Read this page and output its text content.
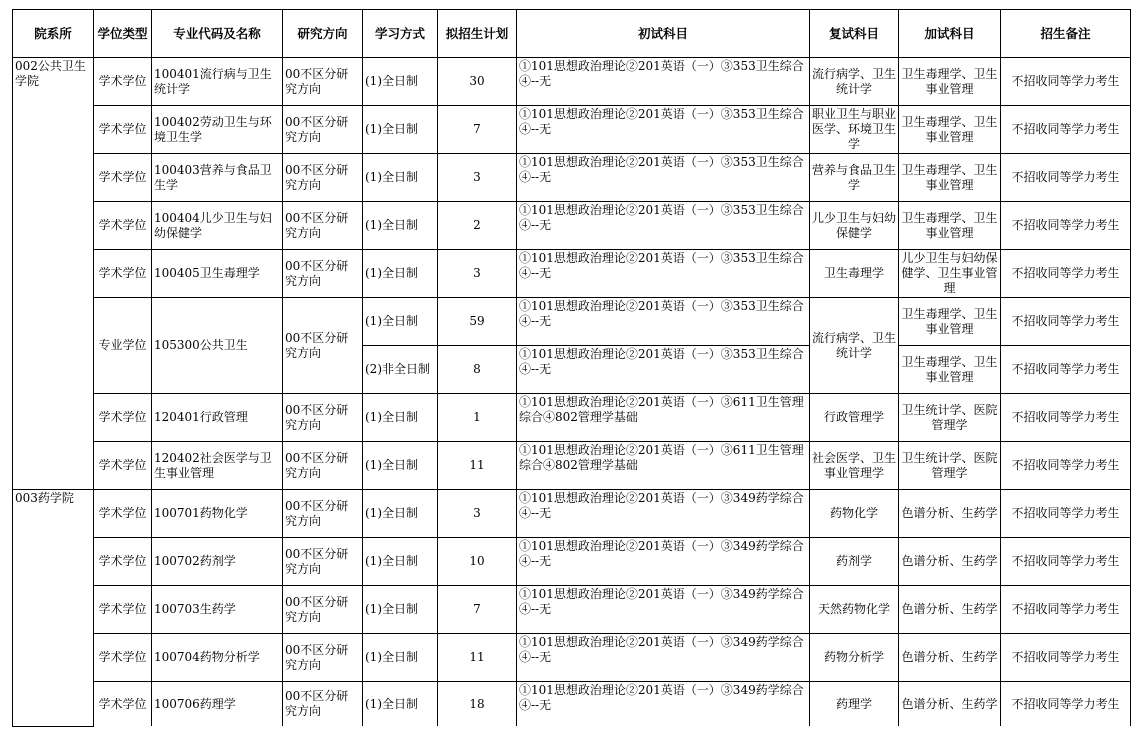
院系所	学位类型	专业代码及名称	研究方向	学习方式	拟招生计划	初试科目	复试科目	加试科目	招生备注
002公共卫生学院	学术学位	100401流行病与卫生统计学	00不区分研究方向	(1)全日制	30	①101思想政治理论②201英语（一）③353卫生综合④--无	流行病学、卫生统计学	卫生毒理学、卫生事业管理	不招收同等学力考生
	学术学位	100402劳动卫生与环境卫生学	00不区分研究方向	(1)全日制	7	①101思想政治理论②201英语（一）③353卫生综合④--无	职业卫生与职业医学、环境卫生学	卫生毒理学、卫生事业管理	不招收同等学力考生
	学术学位	100403营养与食品卫生学	00不区分研究方向	(1)全日制	3	①101思想政治理论②201英语（一）③353卫生综合④--无	营养与食品卫生学	卫生毒理学、卫生事业管理	不招收同等学力考生
	学术学位	100404儿少卫生与妇幼保健学	00不区分研究方向	(1)全日制	2	①101思想政治理论②201英语（一）③353卫生综合④--无	儿少卫生与妇幼保健学	卫生毒理学、卫生事业管理	不招收同等学力考生
	学术学位	100405卫生毒理学	00不区分研究方向	(1)全日制	3	①101思想政治理论②201英语（一）③353卫生综合④--无	卫生毒理学	儿少卫生与妇幼保健学、卫生事业管理	不招收同等学力考生
	专业学位	105300公共卫生	00不区分研究方向	(1)全日制	59	①101思想政治理论②201英语（一）③353卫生综合④--无	流行病学、卫生统计学	卫生毒理学、卫生事业管理	不招收同等学力考生
				(2)非全日制	8	①101思想政治理论②201英语（一）③353卫生综合④--无		卫生毒理学、卫生事业管理	不招收同等学力考生
	学术学位	120401行政管理	00不区分研究方向	(1)全日制	1	①101思想政治理论②201英语（一）③611卫生管理综合④802管理学基础	行政管理学	卫生统计学、医院管理学	不招收同等学力考生
	学术学位	120402社会医学与卫生事业管理	00不区分研究方向	(1)全日制	11	①101思想政治理论②201英语（一）③611卫生管理综合④802管理学基础	社会医学、卫生事业管理学	卫生统计学、医院管理学	不招收同等学力考生
003药学院	学术学位	100701药物化学	00不区分研究方向	(1)全日制	3	①101思想政治理论②201英语（一）③349药学综合④--无	药物化学	色谱分析、生药学	不招收同等学力考生
	学术学位	100702药剂学	00不区分研究方向	(1)全日制	10	①101思想政治理论②201英语（一）③349药学综合④--无	药剂学	色谱分析、生药学	不招收同等学力考生
	学术学位	100703生药学	00不区分研究方向	(1)全日制	7	①101思想政治理论②201英语（一）③349药学综合④--无	天然药物化学	色谱分析、生药学	不招收同等学力考生
	学术学位	100704药物分析学	00不区分研究方向	(1)全日制	11	①101思想政治理论②201英语（一）③349药学综合④--无	药物分析学	色谱分析、生药学	不招收同等学力考生
	学术学位	100706药理学	00不区分研究方向	(1)全日制	18	①101思想政治理论②201英语（一）③349药学综合④--无	药理学	色谱分析、生药学	不招收同等学力考生
